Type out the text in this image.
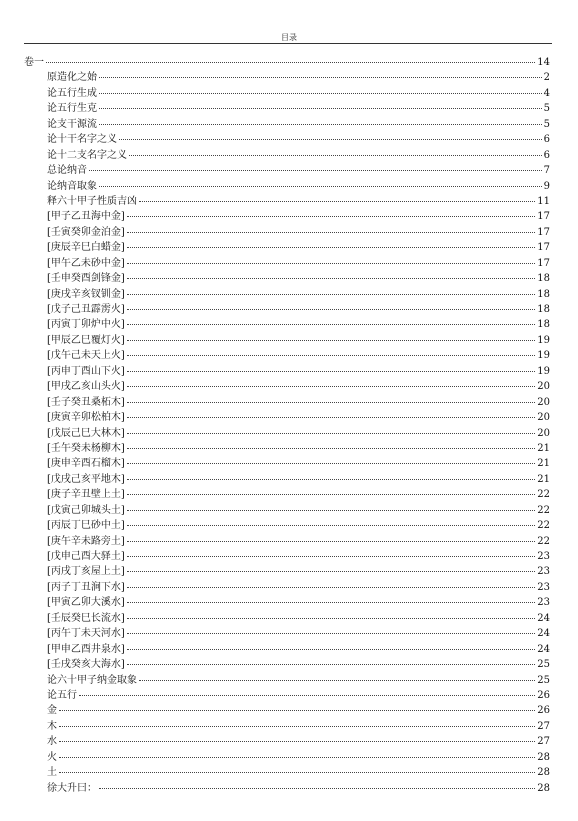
目录
卷一	14
原造化之始	2
论五行生成	4
论五行生克	5
论支干源流	5
论十干名字之义	6
论十二支名字之义	6
总论纳音	7
论纳音取象	9
释六十甲子性质吉凶	11
[甲子乙丑海中金]	17
[壬寅癸卯金泊金]	17
[庚辰辛巳白蜡金]	17
[甲午乙未砂中金]	17
[壬申癸酉剑锋金]	18
[庚戌辛亥钗钏金]	18
[戊子己丑霹雳火]	18
[丙寅丁卯炉中火]	18
[甲辰乙巳覆灯火]	19
[戊午己未天上火]	19
[丙申丁酉山下火]	19
[甲戌乙亥山头火]	20
[壬子癸丑桑柘木]	20
[庚寅辛卯松柏木]	20
[戊辰己巳大林木]	20
[壬午癸未杨柳木]	21
[庚申辛酉石榴木]	21
[戊戌己亥平地木]	21
[庚子辛丑壁上土]	22
[戊寅己卯城头土]	22
[丙辰丁巳砂中土]	22
[庚午辛未路旁土]	22
[戊申己酉大驿土]	23
[丙戌丁亥屋上土]	23
[丙子丁丑涧下水]	23
[甲寅乙卯大溪水]	23
[壬辰癸巳长流水]	24
[丙午丁未天河水]	24
[甲申乙酉井泉水]	24
[壬戌癸亥大海水]	25
论六十甲子纳金取象	25
论五行	26
金	26
木	27
水	27
火	28
土	28
徐大升曰：	28
